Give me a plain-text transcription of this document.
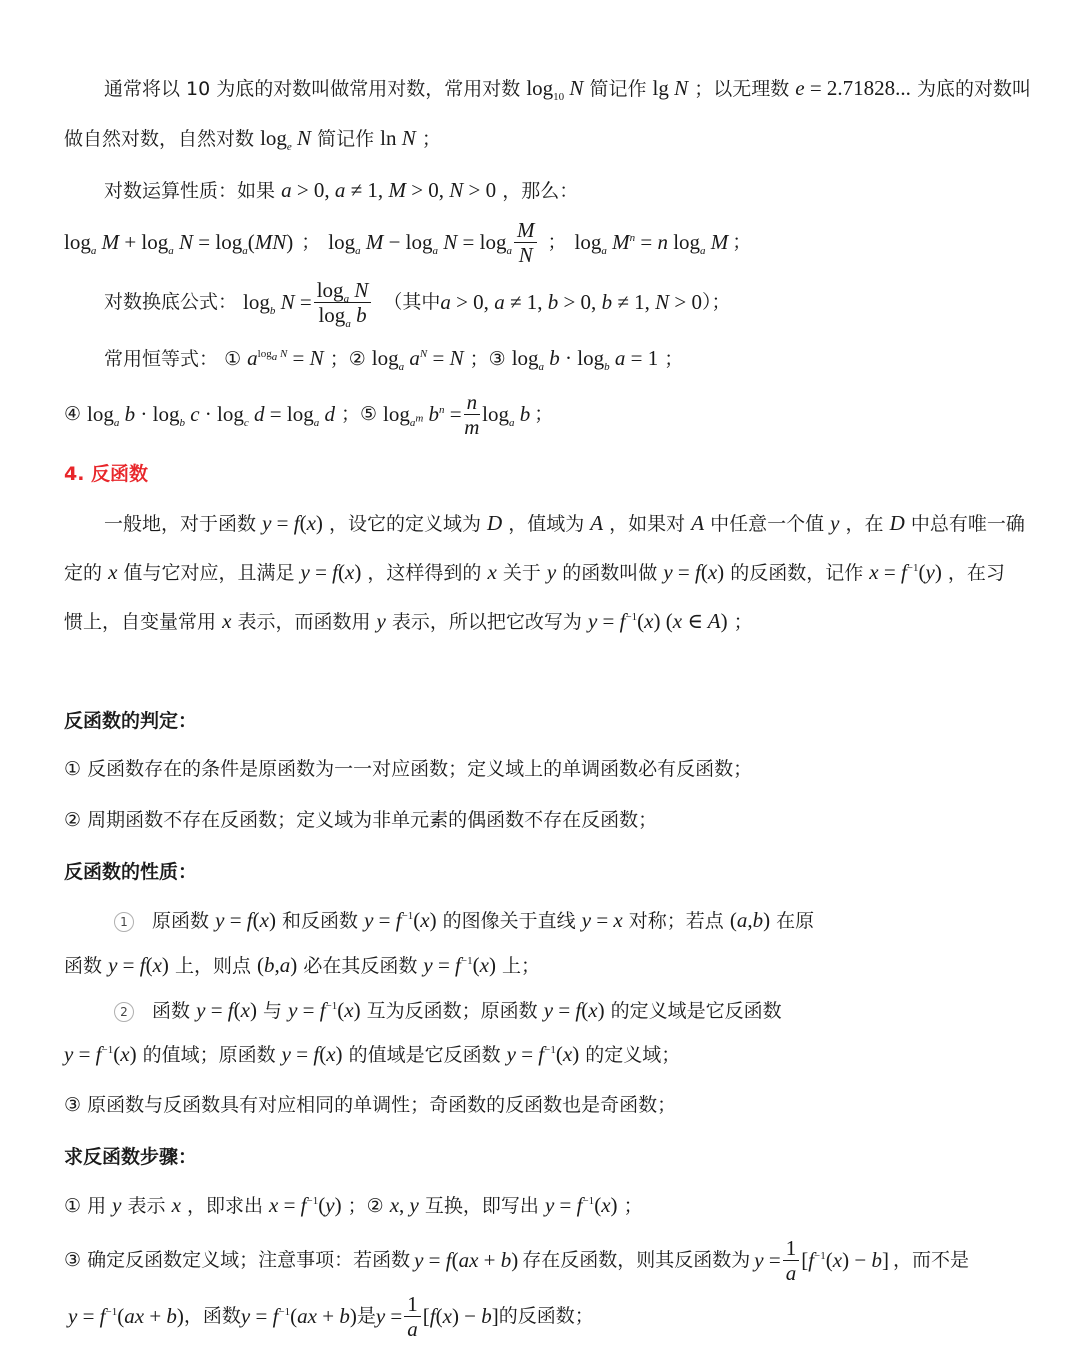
通常将以 10 为底的对数叫做常用对数，常用对数 $\log_{10} N$ 简记作 lg N ；以无理数 e = 2.71828... 为底的对数叫
做自然对数，自然对数 $\log_e N$ 简记作 ln N ；
对数运算性质：如果 a > 0, a ≠ 1, M > 0, N > 0 ，那么：
$\log_a M + \log_a N = \log_a(MN)$ ； $\log_a M - \log_a N = \log_a \frac{M}{N}$ ； $\log_a M^n = n$ $\log_a M$ ；
对数换底公式： $\log_b N = \frac{\log_a N}{\log_a b}$ （其中 a > 0, a ≠ 1, b > 0, b ≠ 1, N > 0 ）；
常用恒等式： ① $a^{log_a N} = N$ ；② $\log_a a^N = N$ ；③ $\log_a b \cdot \log_b a = 1$ ；
④ $\log_a b \cdot \log_b c \cdot \log_c d = \log_a d$ ；⑤ $\log_{a^m} b^n = \frac{n}{m} \log_a b$ ；
4. 反函数
一般地，对于函数 y = f(x) ，设它的定义域为 D ，值域为 A ，如果对 A 中任意一个值 y ，在 D 中总有唯一确
定的 x 值与它对应，且满足 y = f(x) ，这样得到的 x 关于 y 的函数叫做 y = f(x) 的反函数，记作 $x = f^{-1}(y)$ ，在习
惯上，自变量常用 x 表示，而函数用 y 表示，所以把它改写为 $y = f^{-1}(x)$ (x ∈ A) ；
反函数的判定：
① 反函数存在的条件是原函数为一一对应函数；定义域上的单调函数必有反函数；
② 周期函数不存在反函数；定义域为非单元素的偶函数不存在反函数；
反函数的性质：
1 原函数 y = f(x) 和反函数 $y = f^{-1}(x)$ 的图像关于直线 y = x 对称；若点 (a,b) 在原
函数 y = f(x) 上，则点 (b,a) 必在其反函数 $y = f^{-1}(x)$ 上；
2 函数 y = f(x) 与 $y = f^{-1}(x)$ 互为反函数；原函数 y = f(x) 的定义域是它反函数
$y = f^{-1}(x)$ 的值域；原函数 y = f(x) 的值域是它反函数 $y = f^{-1}(x)$ 的定义域；
③ 原函数与反函数具有对应相同的单调性；奇函数的反函数也是奇函数；
求反函数步骤：
① 用 y 表示 x ，即求出 $x = f^{-1}(y)$ ；② x, y 互换，即写出 $y = f^{-1}(x)$ ；
③ 确定反函数定义域；注意事项：若函数 y = f(ax + b) 存在反函数，则其反函数为 $y = \frac{1}{a} [f^{-1}(x) - b]$ ，而不是
$y = f^{-1}(ax + b)$ ，函数 $y = f^{-1}(ax + b)$ 是 $y = \frac{1}{a} [f(x) - b]$ 的反函数；
